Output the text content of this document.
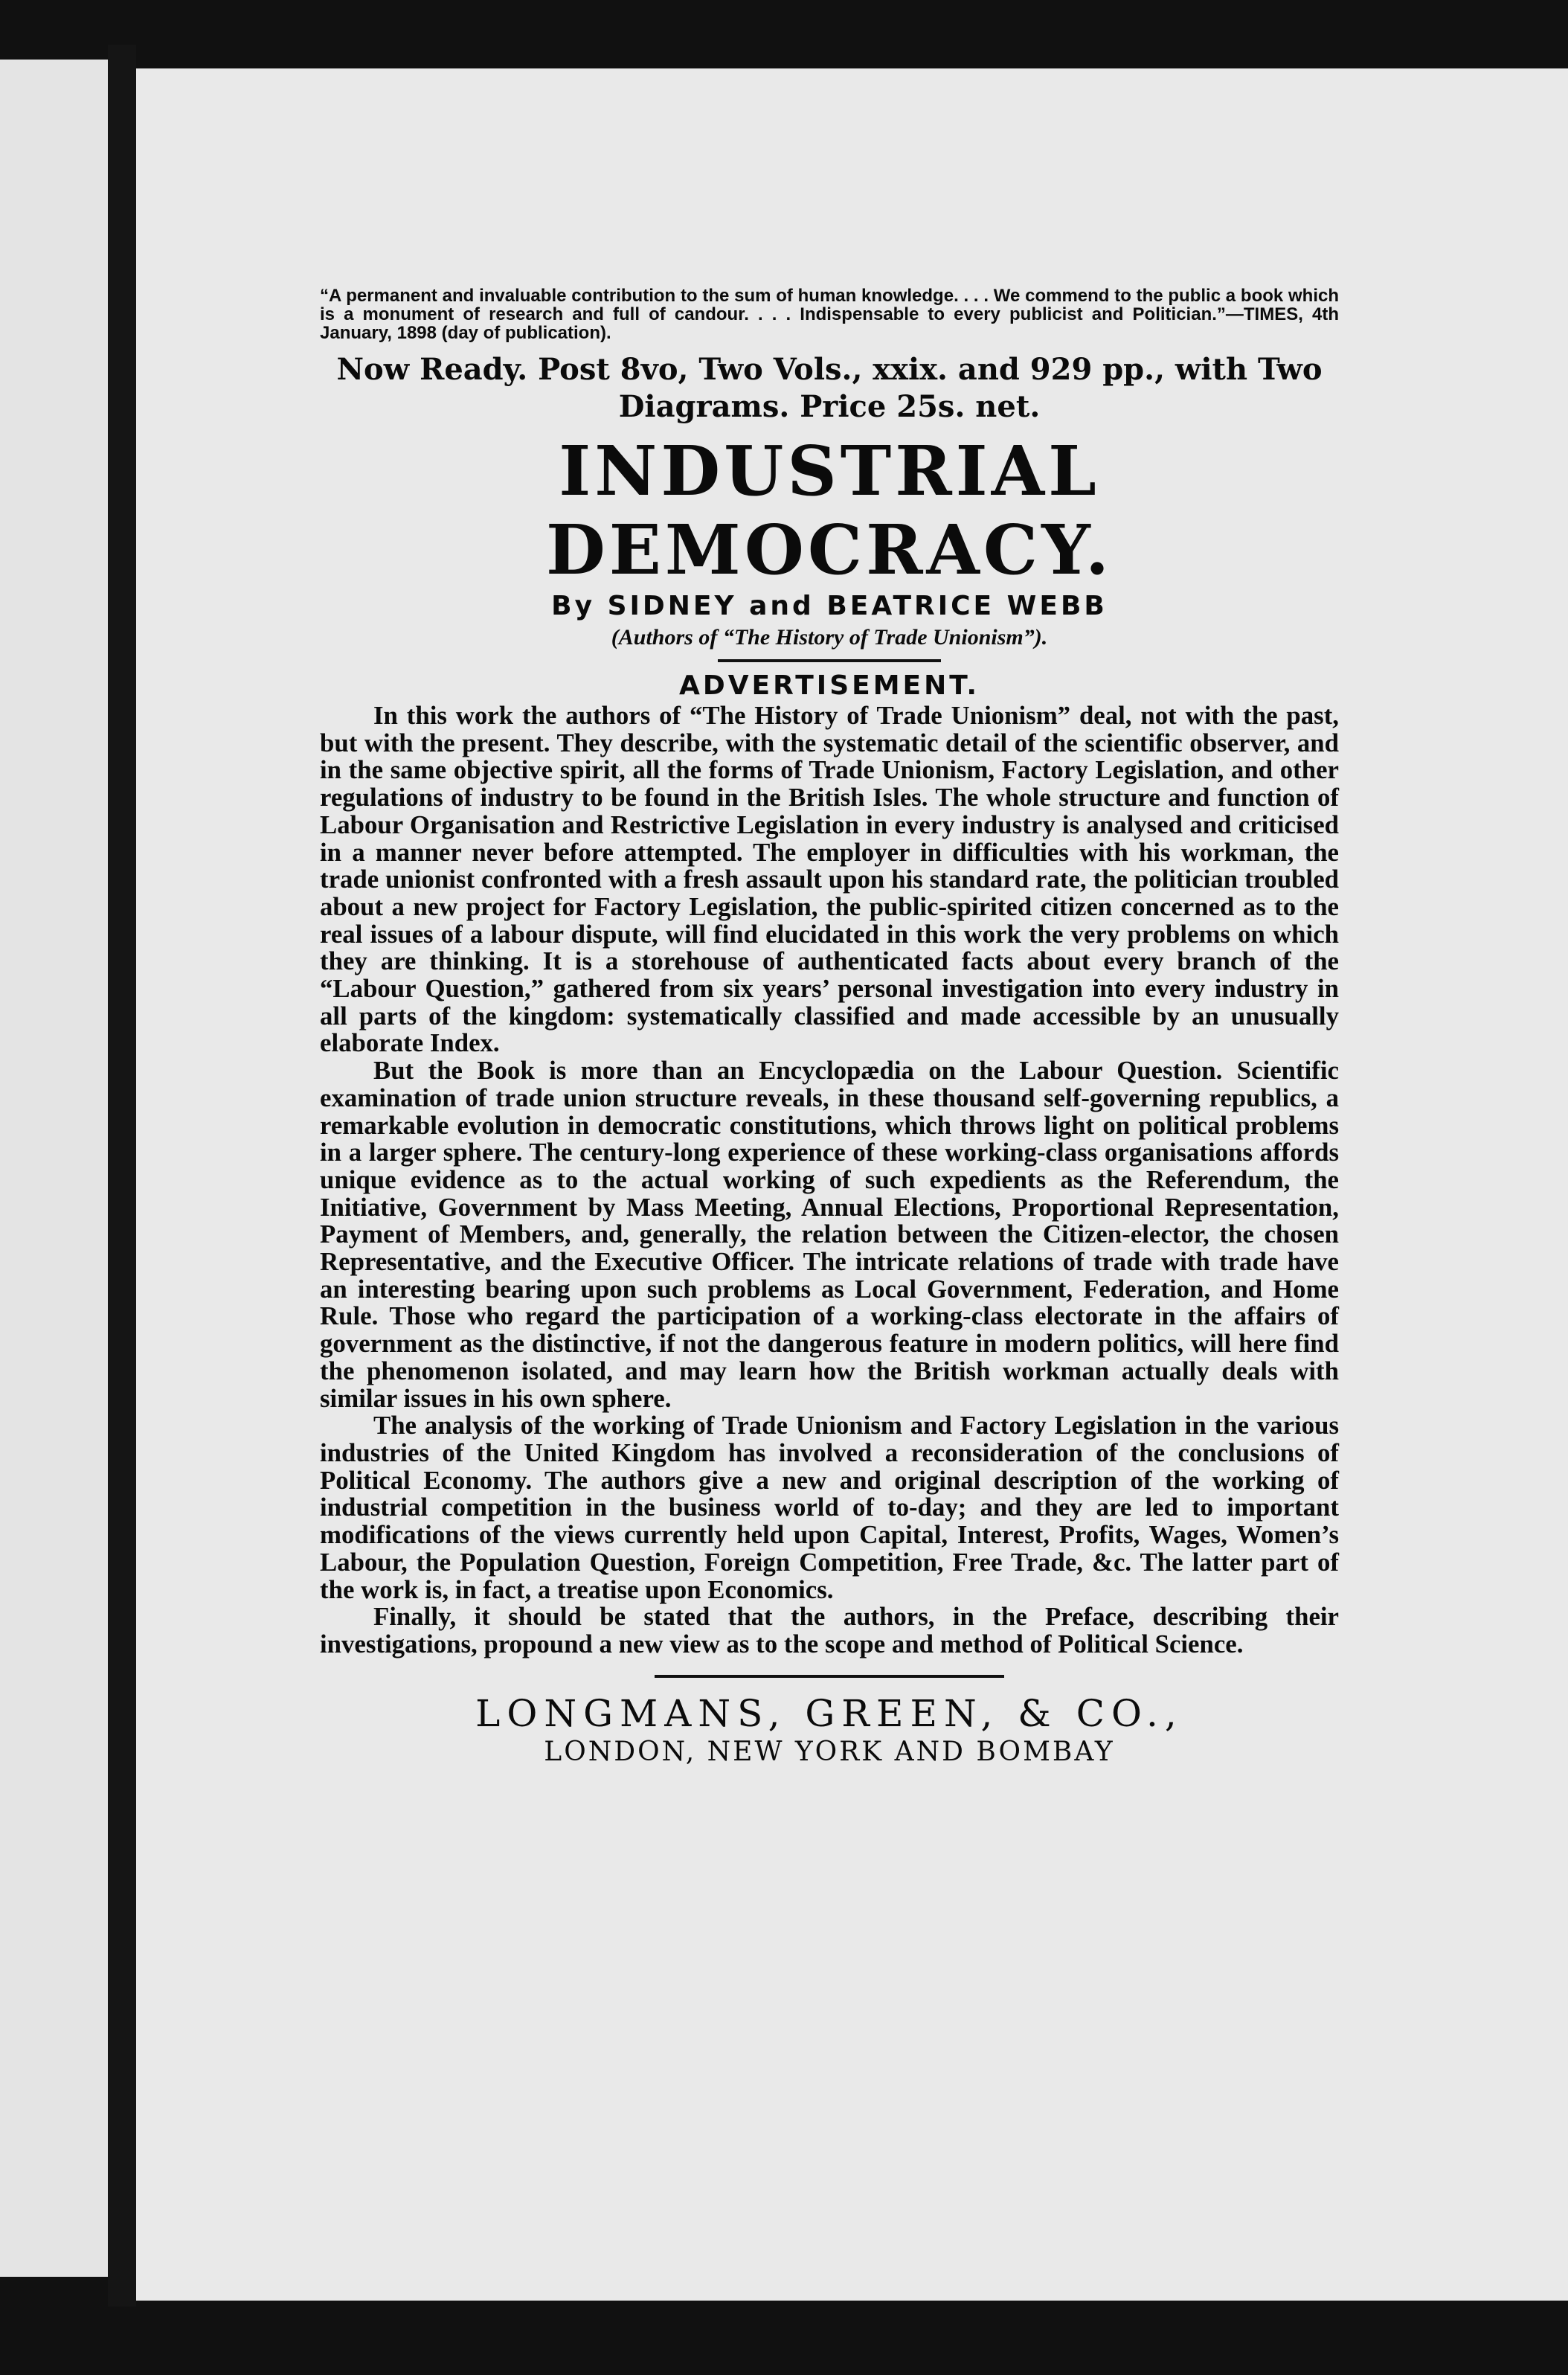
“A permanent and invaluable contribution to the sum of human knowledge. . . . We commend to the public a book which is a monument of research and full of candour. . . . Indispensable to every publicist and Politician.”—TIMES, 4th January, 1898 (day of publication).

Now Ready. Post 8vo, Two Vols., xxix. and 929 pp., with Two Diagrams. Price 25s. net.

INDUSTRIAL DEMOCRACY.

By SIDNEY and BEATRICE WEBB

(Authors of “The History of Trade Unionism”).

ADVERTISEMENT.

In this work the authors of “The History of Trade Unionism” deal, not with the past, but with the present. They describe, with the systematic detail of the scientific observer, and in the same objective spirit, all the forms of Trade Unionism, Factory Legislation, and other regulations of industry to be found in the British Isles. The whole structure and function of Labour Organisation and Restrictive Legislation in every industry is analysed and criticised in a manner never before attempted. The employer in difficulties with his workman, the trade unionist confronted with a fresh assault upon his standard rate, the politician troubled about a new project for Factory Legislation, the public-spirited citizen concerned as to the real issues of a labour dispute, will find elucidated in this work the very problems on which they are thinking. It is a storehouse of authenticated facts about every branch of the “Labour Question,” gathered from six years’ personal investigation into every industry in all parts of the kingdom: systematically classified and made accessible by an unusually elaborate Index.

But the Book is more than an Encyclopædia on the Labour Question. Scientific examination of trade union structure reveals, in these thousand self-governing republics, a remarkable evolution in democratic constitutions, which throws light on political problems in a larger sphere. The century-long experience of these working-class organisations affords unique evidence as to the actual working of such expedients as the Referendum, the Initiative, Government by Mass Meeting, Annual Elections, Proportional Representation, Payment of Members, and, generally, the relation between the Citizen-elector, the chosen Representative, and the Executive Officer. The intricate relations of trade with trade have an interesting bearing upon such problems as Local Government, Federation, and Home Rule. Those who regard the participation of a working-class electorate in the affairs of government as the distinctive, if not the dangerous feature in modern politics, will here find the phenomenon isolated, and may learn how the British workman actually deals with similar issues in his own sphere.

The analysis of the working of Trade Unionism and Factory Legislation in the various industries of the United Kingdom has involved a reconsideration of the conclusions of Political Economy. The authors give a new and original description of the working of industrial competition in the business world of to-day; and they are led to important modifications of the views currently held upon Capital, Interest, Profits, Wages, Women’s Labour, the Population Question, Foreign Competition, Free Trade, &c. The latter part of the work is, in fact, a treatise upon Economics.

Finally, it should be stated that the authors, in the Preface, describing their investigations, propound a new view as to the scope and method of Political Science.

LONGMANS, GREEN, & CO.,

LONDON, NEW YORK AND BOMBAY
